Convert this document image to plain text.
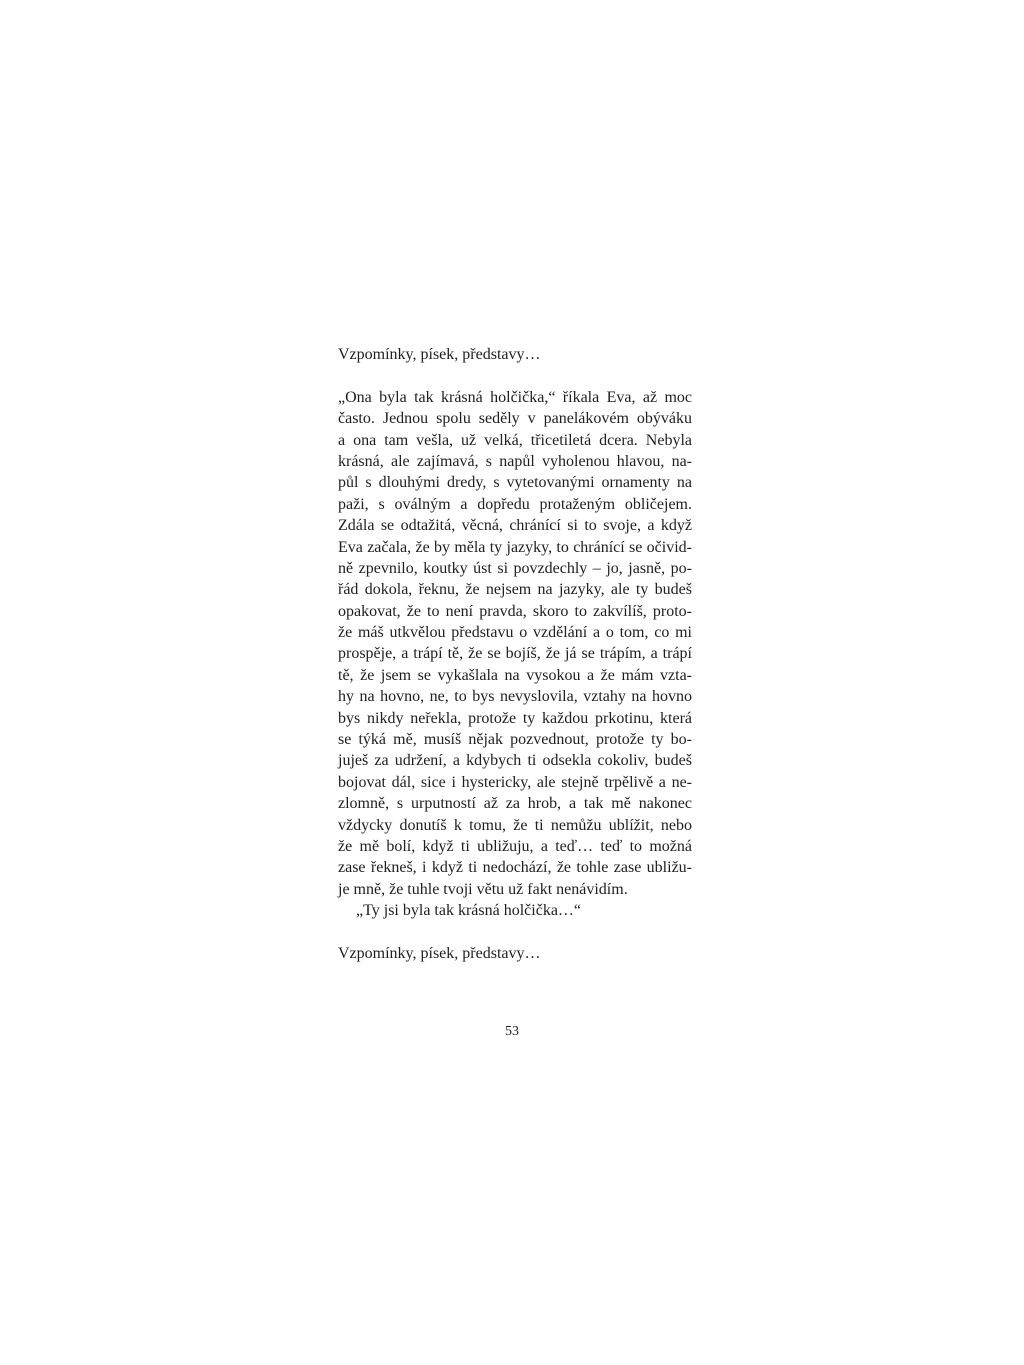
Vzpomínky, písek, představy…
„Ona byla tak krásná holčička,“ říkala Eva, až moc
často. Jednou spolu seděly v panelákovém obýváku
a ona tam vešla, už velká, třicetiletá dcera. Nebyla
krásná, ale zajímavá, s napůl vyholenou hlavou, na-
půl s dlouhými dredy, s vytetovanými ornamenty na
paži, s oválným a dopředu protaženým obličejem.
Zdála se odtažitá, věcná, chránící si to svoje, a když
Eva začala, že by měla ty jazyky, to chránící se očivid-
ně zpevnilo, koutky úst si povzdechly – jo, jasně, po-
řád dokola, řeknu, že nejsem na jazyky, ale ty budeš
opakovat, že to není pravda, skoro to zakvílíš, proto-
že máš utkvělou představu o vzdělání a o tom, co mi
prospěje, a trápí tě, že se bojíš, že já se trápím, a trápí
tě, že jsem se vykašlala na vysokou a že mám vzta-
hy na hovno, ne, to bys nevyslovila, vztahy na hovno
bys nikdy neřekla, protože ty každou prkotinu, která
se týká mě, musíš nějak pozvednout, protože ty bo-
juješ za udržení, a kdybych ti odsekla cokoliv, budeš
bojovat dál, sice i hystericky, ale stejně trpělivě a ne-
zlomně, s urputností až za hrob, a tak mě nakonec
vždycky donutíš k tomu, že ti nemůžu ublížit, nebo
že mě bolí, když ti ubližuju, a teď… teď to možná
zase řekneš, i když ti nedochází, že tohle zase ubližu-
je mně, že tuhle tvoji větu už fakt nenávidím.
„Ty jsi byla tak krásná holčička…“
Vzpomínky, písek, představy…
53
